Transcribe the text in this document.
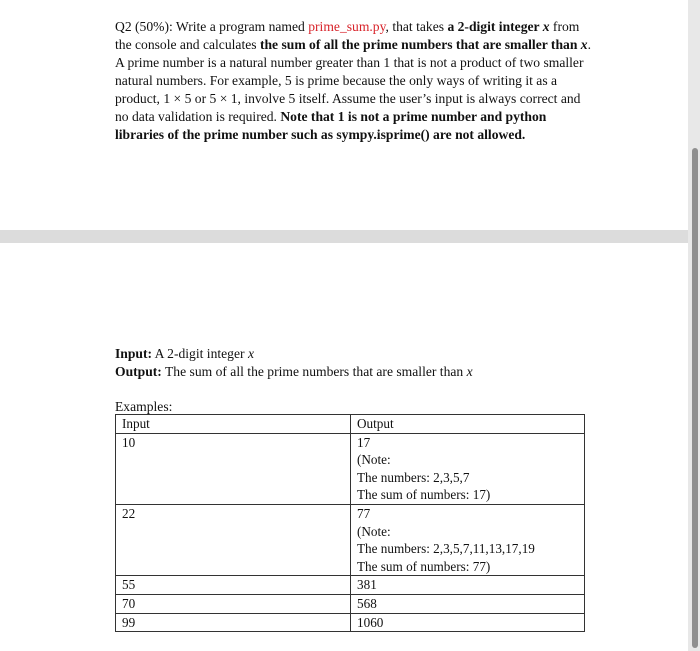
Q2 (50%): Write a program named prime_sum.py, that takes a 2-digit integer x from the console and calculates the sum of all the prime numbers that are smaller than x. A prime number is a natural number greater than 1 that is not a product of two smaller natural numbers. For example, 5 is prime because the only ways of writing it as a product, 1 × 5 or 5 × 1, involve 5 itself. Assume the user’s input is always correct and no data validation is required. Note that 1 is not a prime number and python libraries of the prime number such as sympy.isprime() are not allowed.

Input: A 2-digit integer x
Output: The sum of all the prime numbers that are smaller than x
Examples:
Input	Output
10	17
(Note:
The numbers: 2,3,5,7
The sum of numbers: 17)

22	77
(Note:
The numbers: 2,3,5,7,11,13,17,19
The sum of numbers: 77)

55	381

70	568

99	1060
